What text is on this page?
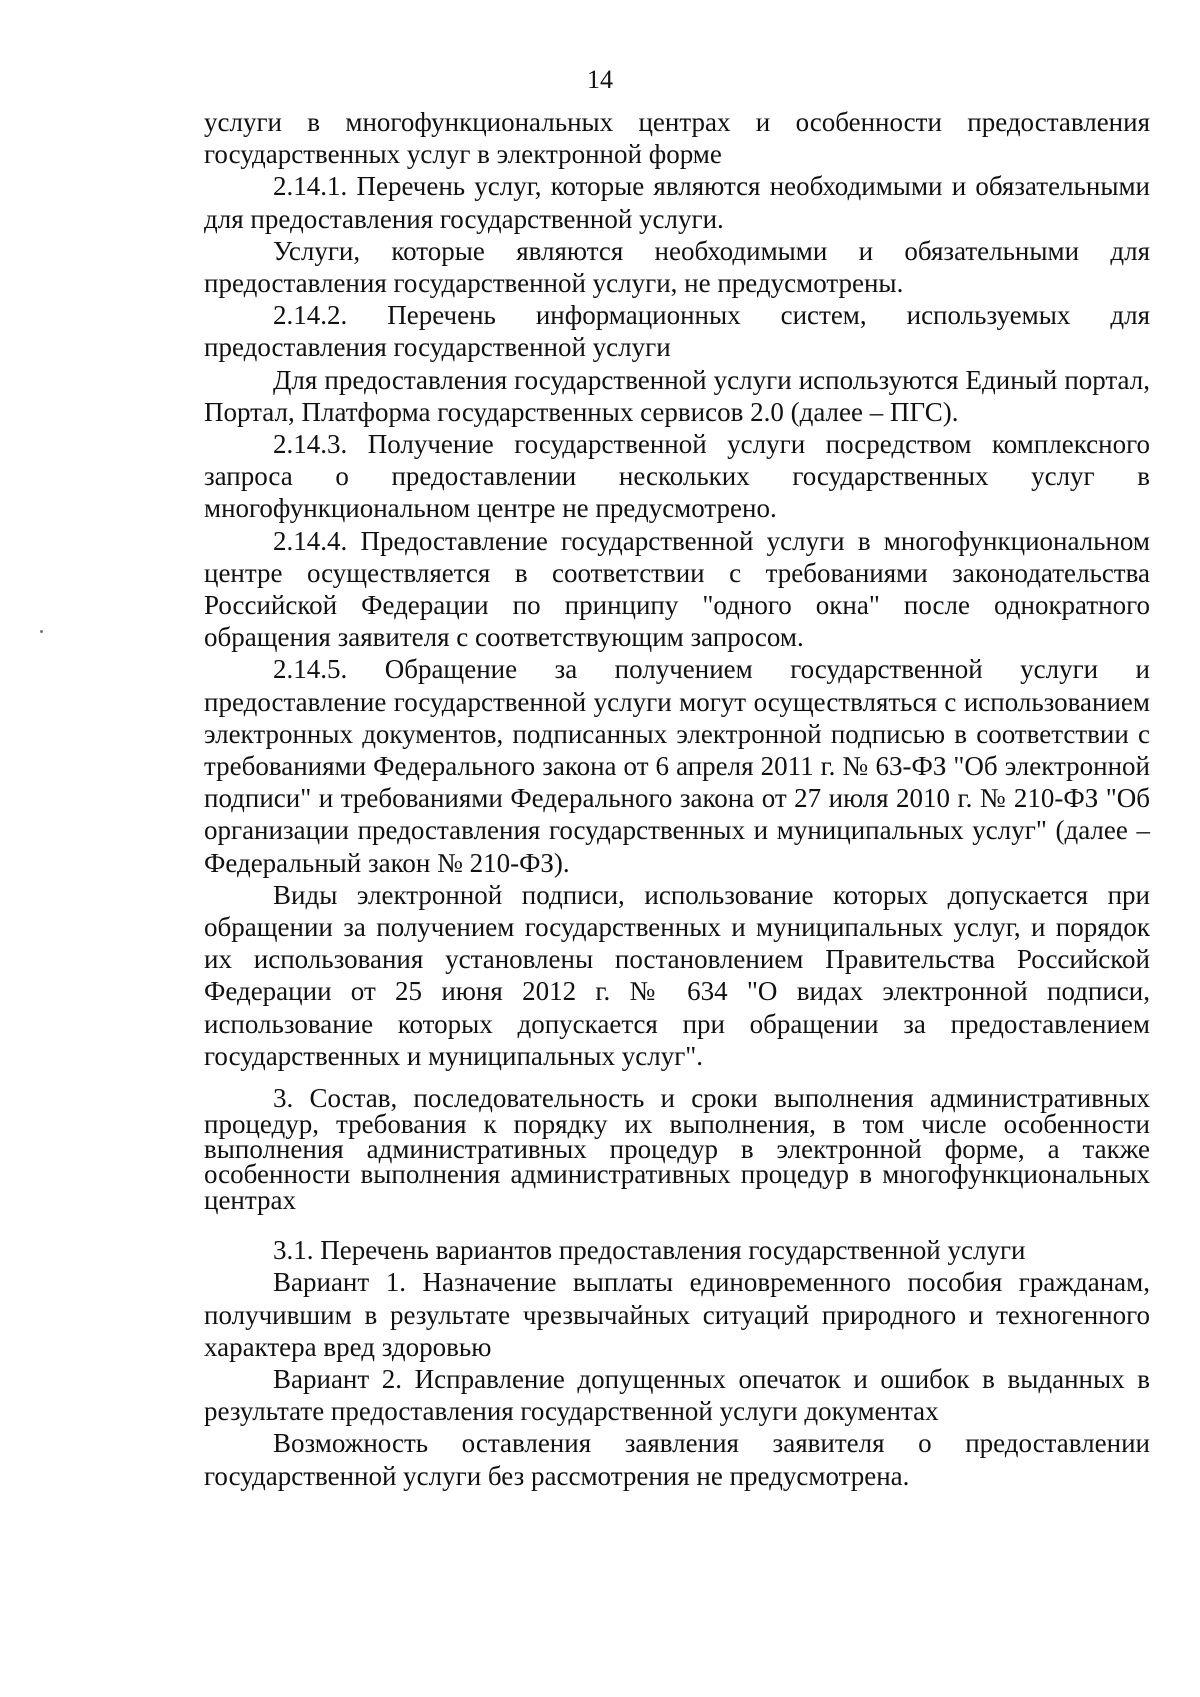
14

услуги в многофункциональных центрах и особенности предоставления государственных услуг в электронной форме

2.14.1. Перечень услуг, которые являются необходимыми и обязательными для предоставления государственной услуги.

Услуги, которые являются необходимыми и обязательными для предоставления государственной услуги, не предусмотрены.

2.14.2. Перечень информационных систем, используемых для предоставления государственной услуги

Для предоставления государственной услуги используются Единый портал, Портал, Платформа государственных сервисов 2.0 (далее – ПГС).

2.14.3. Получение государственной услуги посредством комплексного запроса о предоставлении нескольких государственных услуг в многофункциональном центре не предусмотрено.

2.14.4. Предоставление государственной услуги в многофункциональном центре осуществляется в соответствии с требованиями законодательства Российской Федерации по принципу "одного окна" после однократного обращения заявителя с соответствующим запросом.

2.14.5. Обращение за получением государственной услуги и предоставление государственной услуги могут осуществляться с использованием электронных документов, подписанных электронной подписью в соответствии с требованиями Федерального закона от 6 апреля 2011 г. № 63-ФЗ "Об электронной подписи" и требованиями Федерального закона от 27 июля 2010 г. № 210-ФЗ "Об организации предоставления государственных и муниципальных услуг" (далее – Федеральный закон № 210-ФЗ).

Виды электронной подписи, использование которых допускается при обращении за получением государственных и муниципальных услуг, и порядок их использования установлены постановлением Правительства Российской Федерации от 25 июня 2012 г. № 634 "О видах электронной подписи, использование которых допускается при обращении за предоставлением государственных и муниципальных услуг".

3. Состав, последовательность и сроки выполнения административных процедур, требования к порядку их выполнения, в том числе особенности выполнения административных процедур в электронной форме, а также особенности выполнения административных процедур в многофункциональных центрах

3.1. Перечень вариантов предоставления государственной услуги

Вариант 1. Назначение выплаты единовременного пособия гражданам, получившим в результате чрезвычайных ситуаций природного и техногенного характера вред здоровью

Вариант 2. Исправление допущенных опечаток и ошибок в выданных в результате предоставления государственной услуги документах

Возможность оставления заявления заявителя о предоставлении государственной услуги без рассмотрения не предусмотрена.
